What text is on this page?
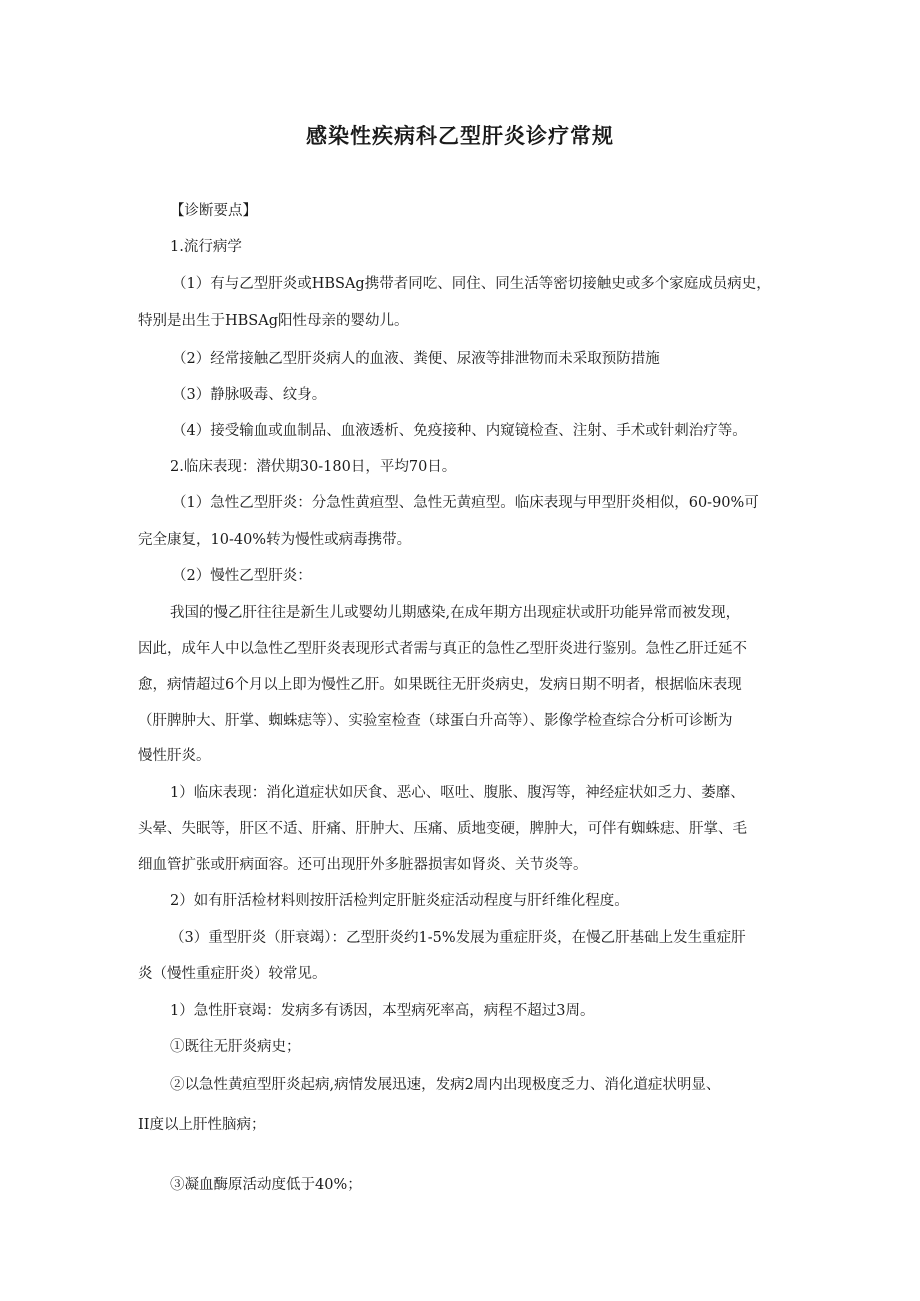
感染性疾病科乙型肝炎诊疗常规

【诊断要点】

1.流行病学

（1）有与乙型肝炎或HBSAg携带者同吃、同住、同生活等密切接触史或多个家庭成员病史，

特别是出生于HBSAg阳性母亲的婴幼儿。

（2）经常接触乙型肝炎病人的血液、粪便、尿液等排泄物而未采取预防措施

（3）静脉吸毒、纹身。

（4）接受输血或血制品、血液透析、免疫接种、内窥镜检查、注射、手术或针刺治疗等。

2.临床表现：潜伏期30-180日，平均70日。

（1）急性乙型肝炎：分急性黄疸型、急性无黄疸型。临床表现与甲型肝炎相似，60-90%可

完全康复，10-40%转为慢性或病毒携带。

（2）慢性乙型肝炎：

我国的慢乙肝往往是新生儿或婴幼儿期感染,在成年期方出现症状或肝功能异常而被发现，

因此，成年人中以急性乙型肝炎表现形式者需与真正的急性乙型肝炎进行鉴别。急性乙肝迁延不

愈，病情超过6个月以上即为慢性乙肝。如果既往无肝炎病史，发病日期不明者，根据临床表现

（肝脾肿大、肝掌、蜘蛛痣等）、实验室检查（球蛋白升高等）、影像学检查综合分析可诊断为

慢性肝炎。

1）临床表现：消化道症状如厌食、恶心、呕吐、腹胀、腹泻等，神经症状如乏力、萎靡、

头晕、失眠等，肝区不适、肝痛、肝肿大、压痛、质地变硬，脾肿大，可伴有蜘蛛痣、肝掌、毛

细血管扩张或肝病面容。还可出现肝外多脏器损害如肾炎、关节炎等。

2）如有肝活检材料则按肝活检判定肝脏炎症活动程度与肝纤维化程度。

（3）重型肝炎（肝衰竭）：乙型肝炎约1-5%发展为重症肝炎，在慢乙肝基础上发生重症肝

炎（慢性重症肝炎）较常见。

1）急性肝衰竭：发病多有诱因，本型病死率高，病程不超过3周。

①既往无肝炎病史；

②以急性黄疸型肝炎起病,病情发展迅速，发病2周内出现极度乏力、消化道症状明显、

II度以上肝性脑病；

③凝血酶原活动度低于40%；
